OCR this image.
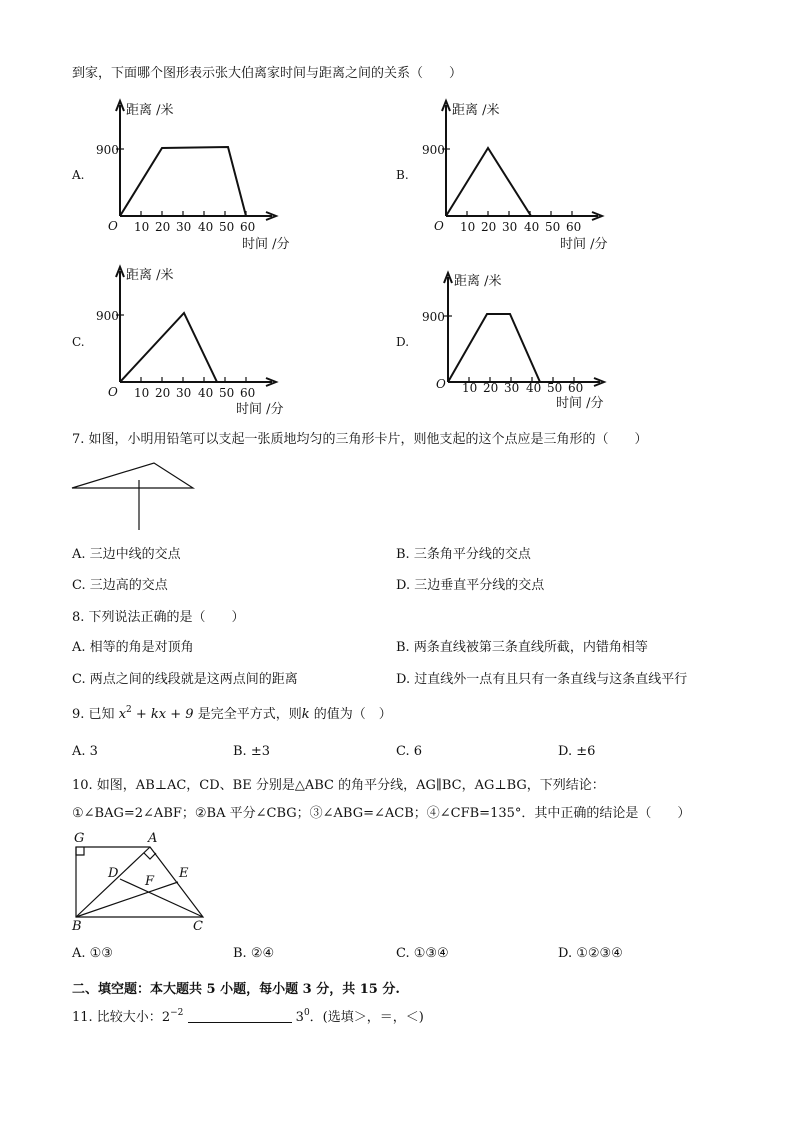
到家，下面哪个图形表示张大伯离家时间与距离之间的关系（　　）
A.
距离 /米
900
O 10 20 30 40 50 60
时间 /分
B.
距离 /米
900
O 10 20 30 40 50 60
时间 /分
C.
距离 /米
900
O 10 20 30 40 50 60
时间 /分
D.
距离 /米
900
O 10 20 30 40 50 60
时间 /分
7. 如图，小明用铅笔可以支起一张质地均匀的三角形卡片，则他支起的这个点应是三角形的（　　）
A. 三边中线的交点	B. 三条角平分线的交点
C. 三边高的交点	D. 三边垂直平分线的交点
8. 下列说法正确的是（　　）
A. 相等的角是对顶角	B. 两条直线被第三条直线所截，内错角相等
C. 两点之间的线段就是这两点间的距离	D. 过直线外一点有且只有一条直线与这条直线平行
9. 已知 $x^2$ + kx + 9 是完全平方式，则k 的值为（　）
A. 3	B. ±3	C. 6	D. ±6
10. 如图，AB⊥AC，CD、BE 分别是△ABC 的角平分线，AG∥BC，AG⊥BG，下列结论：
①∠BAG=2∠ABF；②BA 平分∠CBG；③∠ABG=∠ACB；④∠CFB=135°．其中正确的结论是（　　）
G	A
D
F
E
B	C
A. ①③	B. ②④	C. ①③④	D. ①②③④
二、填空题：本大题共 5 小题，每小题 3 分，共 15 分.
11. 比较大小：$2^{-2}$	$3^0$．(选填＞，＝，＜)
